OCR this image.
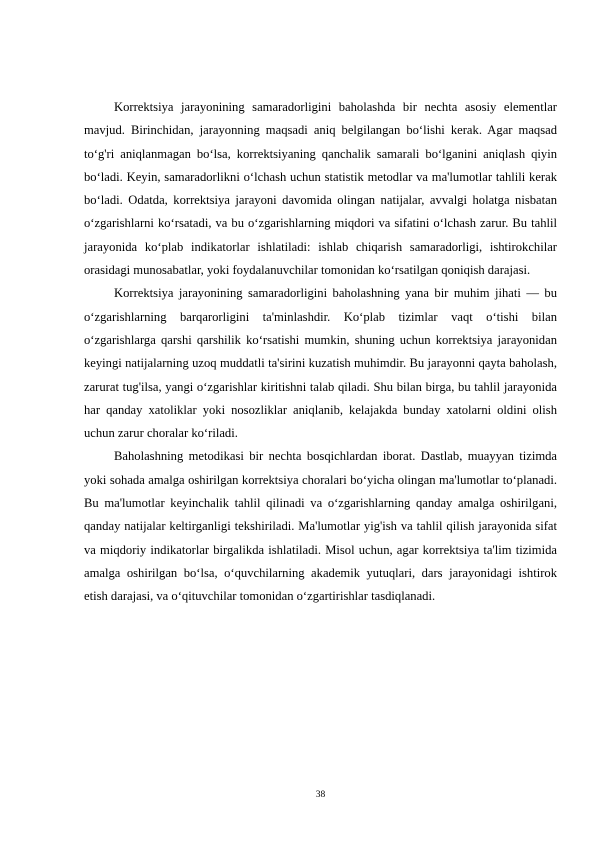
Korrektsiya jarayonining samaradorligini baholashda bir nechta asosiy elementlar mavjud. Birinchidan, jarayonning maqsadi aniq belgilangan bo‘lishi kerak. Agar maqsad to‘g'ri aniqlanmagan bo‘lsa, korrektsiyaning qanchalik samarali bo‘lganini aniqlash qiyin bo‘ladi. Keyin, samaradorlikni o‘lchash uchun statistik metodlar va ma'lumotlar tahlili kerak bo‘ladi. Odatda, korrektsiya jarayoni davomida olingan natijalar, avvalgi holatga nisbatan o‘zgarishlarni ko‘rsatadi, va bu o‘zgarishlarning miqdori va sifatini o‘lchash zarur. Bu tahlil jarayonida ko‘plab indikatorlar ishlatiladi: ishlab chiqarish samaradorligi, ishtirokchilar orasidagi munosabatlar, yoki foydalanuvchilar tomonidan ko‘rsatilgan qoniqish darajasi.

Korrektsiya jarayonining samaradorligini baholashning yana bir muhim jihati — bu o‘zgarishlarning barqarorligini ta'minlashdir. Ko‘plab tizimlar vaqt o‘tishi bilan o‘zgarishlarga qarshi qarshilik ko‘rsatishi mumkin, shuning uchun korrektsiya jarayonidan keyingi natijalarning uzoq muddatli ta'sirini kuzatish muhimdir. Bu jarayonni qayta baholash, zarurat tug'ilsa, yangi o‘zgarishlar kiritishni talab qiladi. Shu bilan birga, bu tahlil jarayonida har qanday xatoliklar yoki nosozliklar aniqlanib, kelajakda bunday xatolarni oldini olish uchun zarur choralar ko‘riladi.

Baholashning metodikasi bir nechta bosqichlardan iborat. Dastlab, muayyan tizimda yoki sohada amalga oshirilgan korrektsiya choralari bo‘yicha olingan ma'lumotlar to‘planadi. Bu ma'lumotlar keyinchalik tahlil qilinadi va o‘zgarishlarning qanday amalga oshirilgani, qanday natijalar keltirganligi tekshiriladi. Ma'lumotlar yig'ish va tahlil qilish jarayonida sifat va miqdoriy indikatorlar birgalikda ishlatiladi. Misol uchun, agar korrektsiya ta'lim tizimida amalga oshirilgan bo‘lsa, o‘quvchilarning akademik yutuqlari, dars jarayonidagi ishtirok etish darajasi, va o‘qituvchilar tomonidan o‘zgartirishlar tasdiqlanadi.

38
